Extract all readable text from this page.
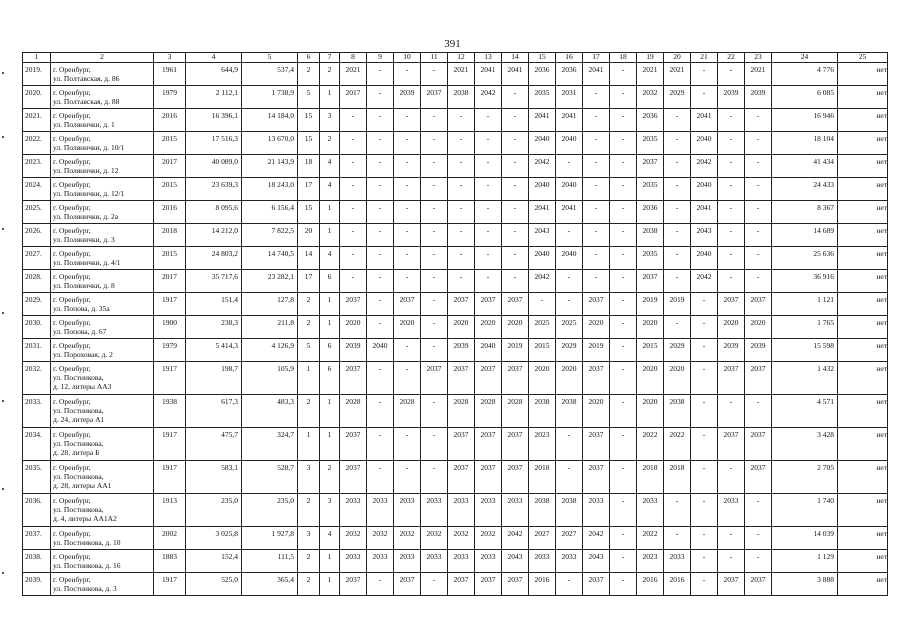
391
1	2	3	4	5	6	7	8	9	10	11	12	13	14	15	16	17	18	19	20	21	22	23	24	25
2019.	г. Оренбург,
ул. Полтавская, д. 86	1961	644,9	537,4	2	2	2021	-	-	-	2021	2041	2041	2036	2036	2041	-	2021	2021	-	-	2021	4 776	нет
2020.	г. Оренбург,
ул. Полтавская, д. 88	1979	2 112,1	1 738,9	5	1	2017	-	2039	2037	2038	2042	-	2035	2031	-	-	2032	2029	-	2039	2039	6 085	нет
2021.	г. Оренбург,
ул. Полянички, д. 1	2016	16 396,1	14 184,0	15	3	-	-	-	-	-	-	-	2041	2041	-	-	2036	-	2041	-	-	16 946	нет
2022.	г. Оренбург,
ул. Полянички, д. 10/1	2015	17 516,3	13 670,0	15	2	-	-	-	-	-	-	-	2040	2040	-	-	2035	-	2040	-	-	18 104	нет
2023.	г. Оренбург,
ул. Полянички, д. 12	2017	40 089,0	21 143,9	18	4	-	-	-	-	-	-	-	2042	-	-	-	2037	-	2042	-	-	41 434	нет
2024.	г. Оренбург,
ул. Полянички, д. 12/1	2015	23 639,3	18 243,0	17	4	-	-	-	-	-	-	-	2040	2040	-	-	2035	-	2040	-	-	24 433	нет
2025.	г. Оренбург,
ул. Полянички, д. 2а	2016	8 095,6	6 156,4	15	1	-	-	-	-	-	-	-	2041	2041	-	-	2036	-	2041	-	-	8 367	нет
2026.	г. Оренбург,
ул. Полянички, д. 3	2018	14 212,0	7 822,5	20	1	-	-	-	-	-	-	-	2043	-	-	-	2038	-	2043	-	-	14 689	нет
2027.	г. Оренбург,
ул. Полянички, д. 4/1	2015	24 803,2	14 740,5	14	4	-	-	-	-	-	-	-	2040	2040	-	-	2035	-	2040	-	-	25 636	нет
2028.	г. Оренбург,
ул. Полянички, д. 8	2017	35 717,6	23 282,1	17	6	-	-	-	-	-	-	-	2042	-	-	-	2037	-	2042	-	-	36 916	нет
2029.	г. Оренбург,
ул. Попова, д. 35а	1917	151,4	127,8	2	1	2037	-	2037	-	2037	2037	2037	-	-	2037	-	2019	2019	-	2037	2037	1 121	нет
2030.	г. Оренбург,
ул. Попова, д. 67	1900	238,3	211,8	2	1	2020	-	2020	-	2020	2020	2020	2025	2025	2020	-	2020	-	-	2020	2020	1 765	нет
2031.	г. Оренбург,
ул. Пороховая, д. 2	1979	5 414,3	4 126,9	5	6	2039	2040	-	-	2039	2040	2019	2015	2029	2019	-	2015	2029	-	2039	2039	15 598	нет
2032.	г. Оренбург,
ул. Постникова,
д. 12, литеры АА3	1917	198,7	105,9	1	6	2037	-	-	2037	2037	2037	2037	2020	2020	2037	-	2020	2020	-	2037	2037	1 432	нет
2033.	г. Оренбург,
ул. Постникова,
д. 24, литера А1	1938	617,3	483,3	2	1	2028	-	2028	-	2028	2028	2028	2038	2038	2020	-	2020	2038	-	-	-	4 571	нет
2034.	г. Оренбург,
ул. Постникова,
д. 28, литера Б	1917	475,7	324,7	1	1	2037	-	-	-	2037	2037	2037	2023	-	2037	-	2022	2022	-	2037	2037	3 428	нет
2035.	г. Оренбург,
ул. Постникова,
д. 28, литеры АА1	1917	583,1	528,7	3	2	2037	-	-	-	2037	2037	2037	2018	-	2037	-	2018	2018	-	-	2037	2 705	нет
2036.	г. Оренбург,
ул. Постникова,
д. 4, литеры АА1А2	1913	235,0	235,0	2	3	2033	2033	2033	2033	2033	2033	2033	2038	2038	2033	-	2033	-	-	2033	-	1 740	нет
2037.	г. Оренбург,
ул. Постникова, д. 10	2002	3 025,8	1 927,8	3	4	2032	2032	2032	2032	2032	2032	2042	2027	2027	2042	-	2022	-	-	-	-	14 039	нет
2038.	г. Оренбург,
ул. Постникова, д. 16	1883	152,4	111,5	2	1	2033	2033	2033	2033	2033	2033	2043	2033	2033	2043	-	2023	2033	-	-	-	1 129	нет
2039.	г. Оренбург,
ул. Постникова, д. 3	1917	525,0	365,4	2	1	2037	-	2037	-	2037	2037	2037	2016	-	2037	-	2016	2016	-	2037	2037	3 888	нет
